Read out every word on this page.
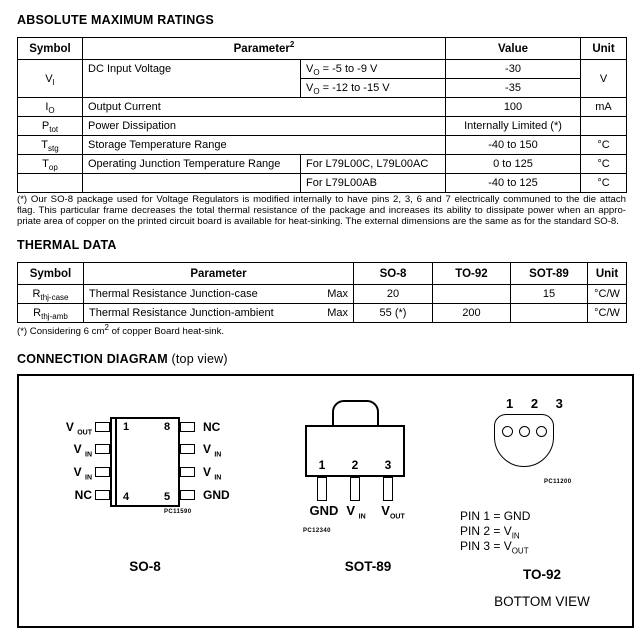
ABSOLUTE MAXIMUM RATINGS
Symbol	Parameter$^2$		Value	Unit
$V_I$	DC Input Voltage	$V_O = -5$ to -9 V	-30	V
		$V_O = -12$ to -15 V	-35	
$I_O$	Output Current		100	mA
$P_{tot}$	Power Dissipation		Internally Limited (*)	
$T_{stg}$	Storage Temperature Range		-40 to 150	°C
$T_{op}$	Operating Junction Temperature Range	For L79L00C, L79L00AC	0 to 125	°C
		For L79L00AB	-40 to 125	°C
(*) Our SO-8 package used for Voltage Regulators is modified internally to have pins 2, 3, 6 and 7 electrically communed to the die attach
flag. This particular frame decreases the total thermal resistance of the package and increases its ability to dissipate power when an appro-
priate area of copper on the printed circuit board is available for heat-sinking. The external dimensions are the same as for the standard SO-8.
THERMAL DATA
Symbol	Parameter	SO-8	TO-92	SOT-89	Unit
$R_{thj-case}$	Thermal Resistance Junction-case Max	20		15	°C/W
$R_{thj-amb}$	Thermal Resistance Junction-ambient Max	55 (*)	200		°C/W
(*) Considering 6 $cm^2$ of copper Board heat-sink.
CONNECTION DIAGRAM (top view)
V $_{OUT}$
V $_{IN}$
V $_{IN}$
NC
1	8
4	5
NC
V $_{IN}$
V $_{IN}$
GND
PC11590
SO-8
1	2	3
GND V $_{IN}$	$V_{OUT}$
PC12340
SOT-89
1 2 3
PC11200
PIN 1 = GND
PIN $2 = V_{IN}$
PIN $3 = V_{OUT}$
TO-92
BOTTOM VIEW
